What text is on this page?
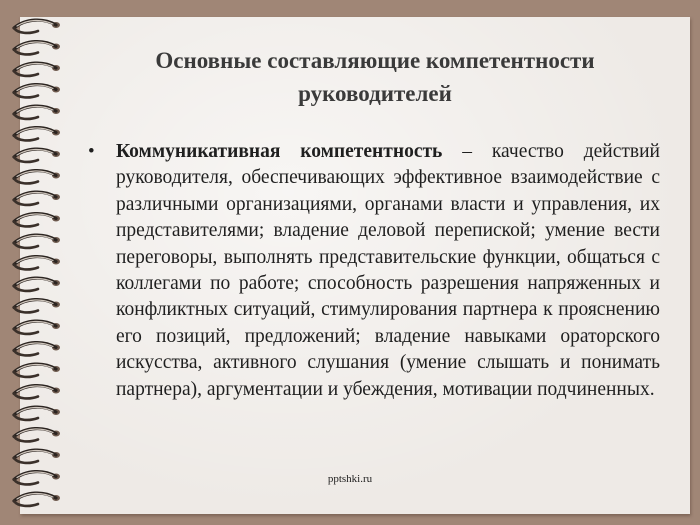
Основные составляющие компетентности руководителей
• Коммуникативная компетентность – качество действий руководителя, обеспечивающих эффективное взаимодействие с различными организациями, органами власти и управления, их представителями; владение деловой перепиской; умение вести переговоры, выполнять представительские функции, общаться с коллегами по работе; способность разрешения напряженных и конфликтных ситуаций, стимулирования партнера к прояснению его позиций, предложений; владение навыками ораторского искусства, активного слушания (умение слышать и понимать партнера), аргументации и убеждения, мотивации подчиненных.
pptshki.ru
